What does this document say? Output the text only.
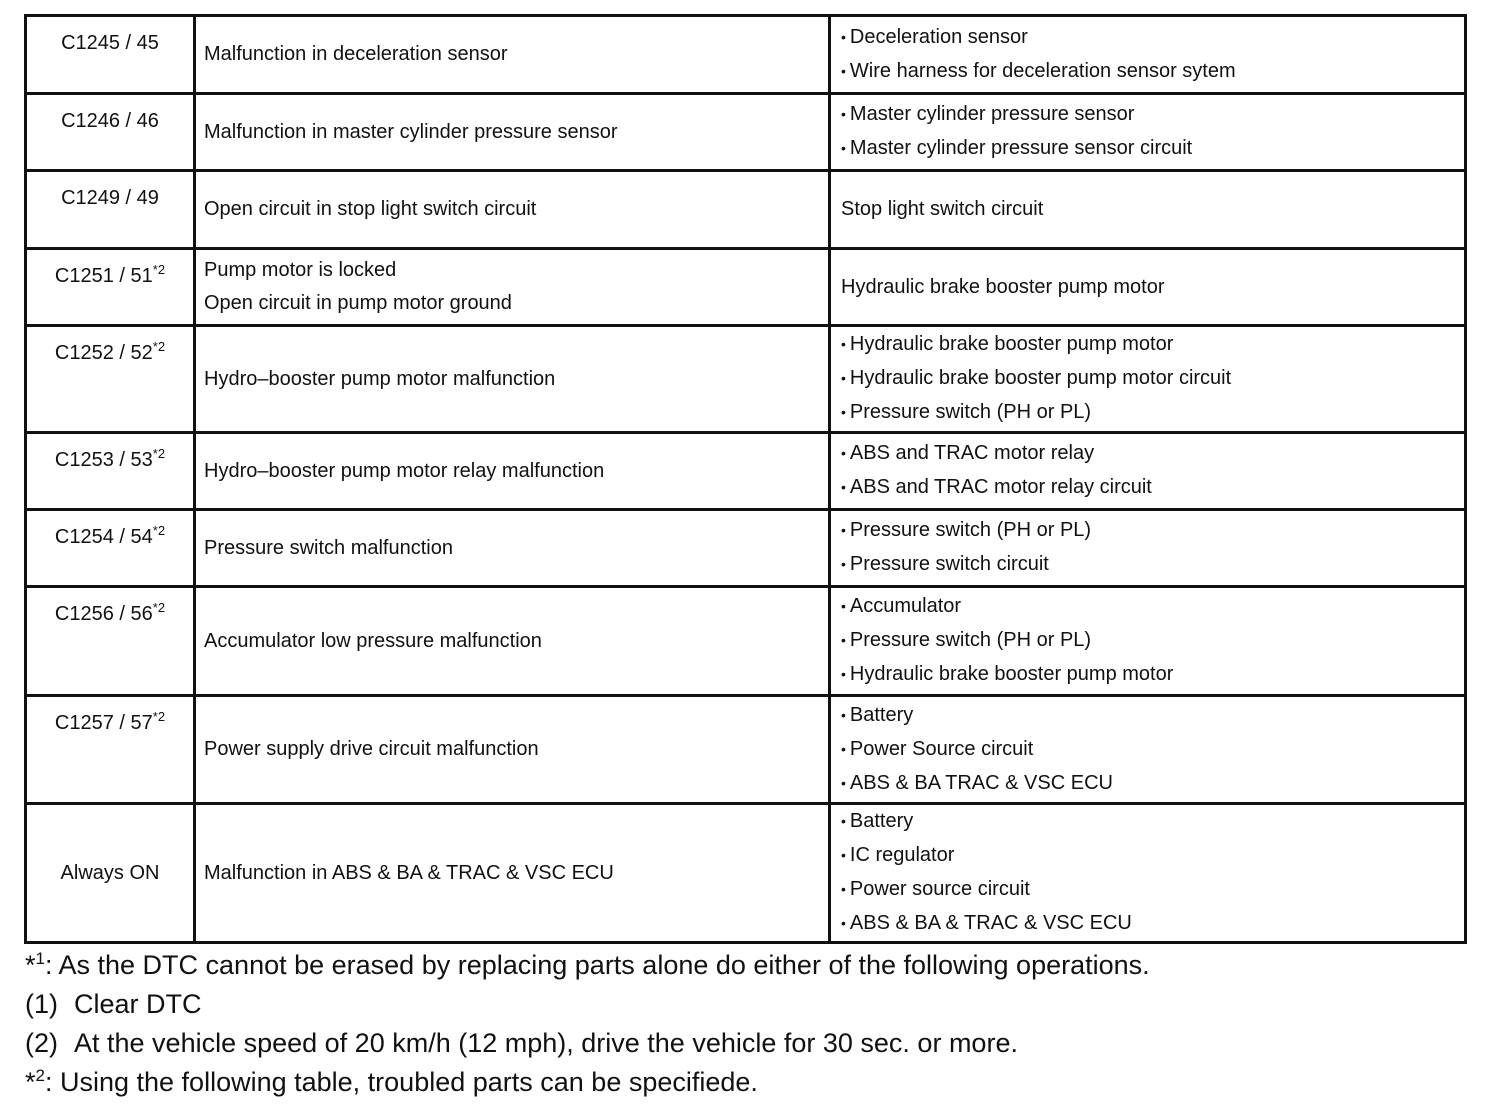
C1245 / 45	Malfunction in deceleration sensor	• Deceleration sensor
• Wire harness for deceleration sensor sytem

C1246 / 46	Malfunction in master cylinder pressure sensor	• Master cylinder pressure sensor
• Master cylinder pressure sensor circuit

C1249 / 49	Open circuit in stop light switch circuit	Stop light switch circuit

C1251 / 51$^{*2}$	Pump motor is locked
Open circuit in pump motor ground	Hydraulic brake booster pump motor

C1252 / 52$^{*2}$	Hydro–booster pump motor malfunction	• Hydraulic brake booster pump motor
• Hydraulic brake booster pump motor circuit
• Pressure switch (PH or PL)

C1253 / 53$^{*2}$	Hydro–booster pump motor relay malfunction	• ABS and TRAC motor relay
• ABS and TRAC motor relay circuit

C1254 / 54$^{*2}$	Pressure switch malfunction	• Pressure switch (PH or PL)
• Pressure switch circuit

C1256 / 56$^{*2}$	Accumulator low pressure malfunction	• Accumulator
• Pressure switch (PH or PL)
• Hydraulic brake booster pump motor

C1257 / 57$^{*2}$	Power supply drive circuit malfunction	• Battery
• Power Source circuit
• ABS & BA TRAC & VSC ECU

Always ON	Malfunction in ABS & BA & TRAC & VSC ECU	• Battery
• IC regulator
• Power source circuit
• ABS & BA & TRAC & VSC ECU
*$^1$: As the DTC cannot be erased by replacing parts alone do either of the following operations.
(1) Clear DTC
(2) At the vehicle speed of 20 km/h (12 mph), drive the vehicle for 30 sec. or more.
*$^2$: Using the following table, troubled parts can be specifiede.
